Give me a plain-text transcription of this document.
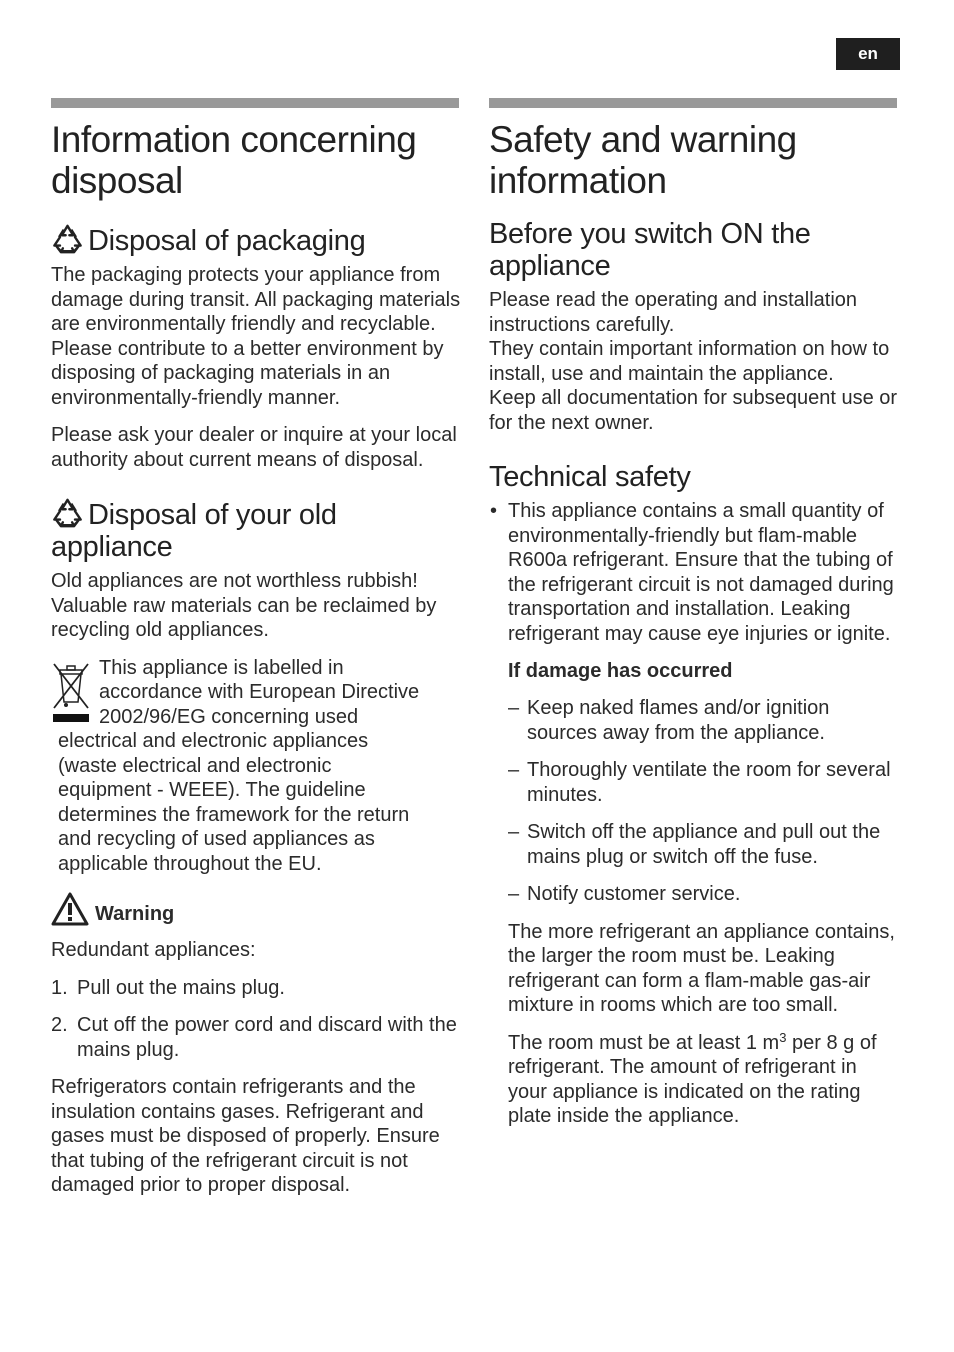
en
Information concerning disposal
Disposal of packaging

The packaging protects your appliance from damage during transit. All packaging materials are environmentally friendly and recyclable. Please contribute to a better environment by disposing of packaging materials in an environmentally-friendly manner.

Please ask your dealer or inquire at your local authority about current means of disposal.

Disposal of your old appliance

Old appliances are not worthless rubbish! Valuable raw materials can be reclaimed by recycling old appliances.

This appliance is labelled in
accordance with European Directive
2002/96/EG concerning used
electrical and electronic appliances
(waste electrical and electronic
equipment - WEEE). The guideline
determines the framework for the return
and recycling of used appliances as
applicable throughout the EU.
Warning

Redundant appliances:

1. Pull out the mains plug.
2. Cut off the power cord and discard with the mains plug.

Refrigerators contain refrigerants and the insulation contains gases. Refrigerant and gases must be disposed of properly. Ensure that tubing of the refrigerant circuit is not damaged prior to proper disposal.

Safety and warning information
Before you switch ON the appliance

Please read the operating and installation instructions carefully.

They contain important information on how to install, use and maintain the appliance.

Keep all documentation for subsequent use or for the next owner.

Technical safety
• This appliance contains a small quantity of environmentally-friendly but flam-mable R600a refrigerant. Ensure that the tubing of the refrigerant circuit is not damaged during transportation and installation. Leaking refrigerant may cause eye injuries or ignite.
If damage has occurred
– Keep naked flames and/or ignition sources away from the appliance.
– Thoroughly ventilate the room for several minutes.
– Switch off the appliance and pull out the mains plug or switch off the fuse.
– Notify customer service.

The more refrigerant an appliance contains, the larger the room must be. Leaking refrigerant can form a flam-mable gas-air mixture in rooms which are too small.

The room must be at least 1 $m^3$ per 8 g of refrigerant. The amount of refrigerant in your appliance is indicated on the rating plate inside the appliance.
